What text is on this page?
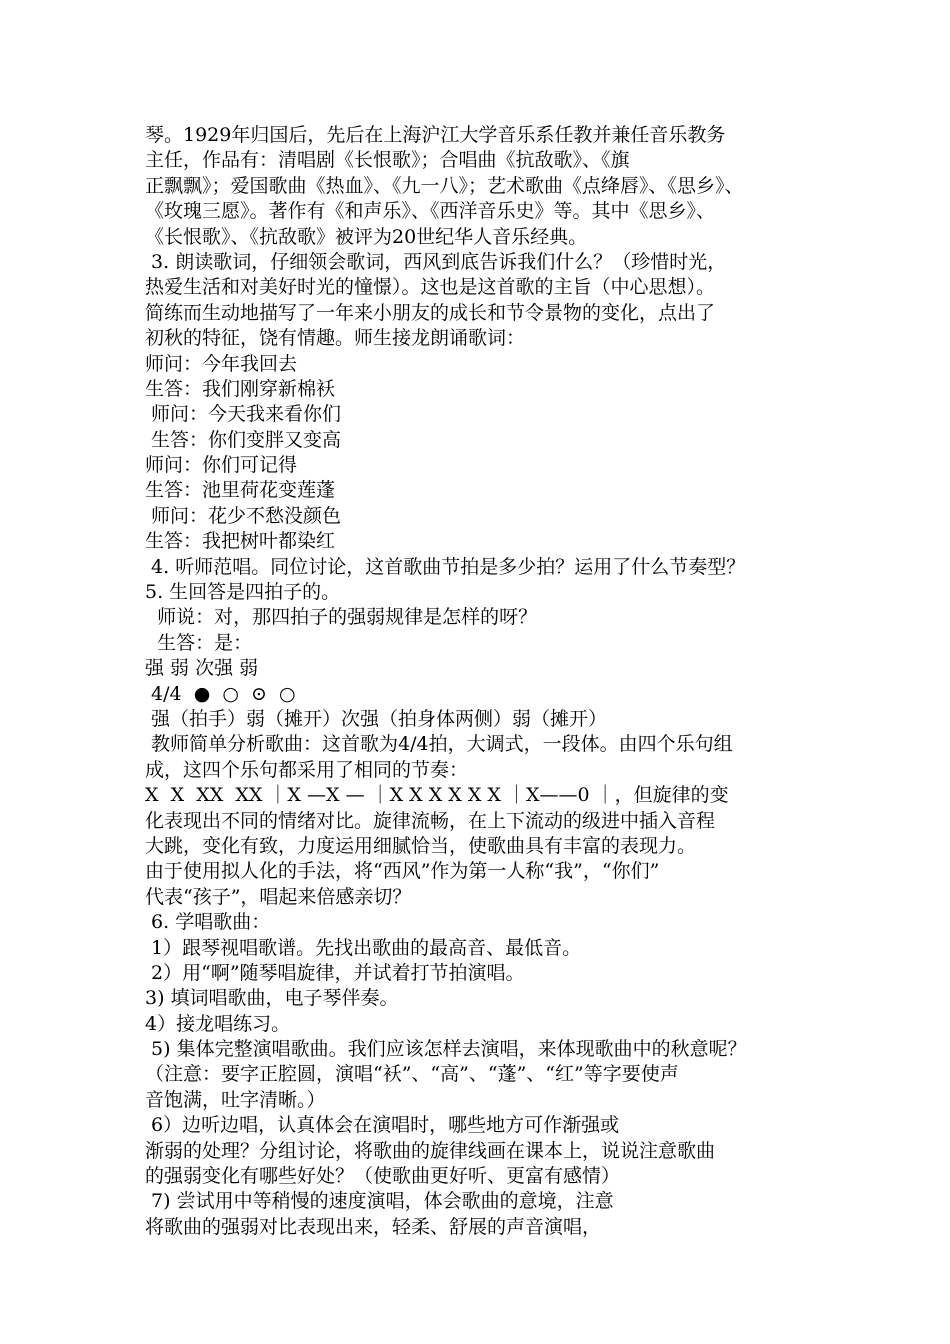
琴。1929年归国后，先后在上海沪江大学音乐系任教并兼任音乐教务
主任，作品有：清唱剧《长恨歌》；合唱曲《抗敌歌》、《旗
正飘飘》；爱国歌曲《热血》、《九一八》；艺术歌曲《点绛唇》、《思乡》、
《玫瑰三愿》。著作有《和声乐》、《西洋音乐史》等。其中《思乡》、
《长恨歌》、《抗敌歌》被评为20世纪华人音乐经典。
3. 朗读歌词，仔细领会歌词，西风到底告诉我们什么？（珍惜时光，
热爱生活和对美好时光的憧憬）。这也是这首歌的主旨（中心思想）。
简练而生动地描写了一年来小朋友的成长和节令景物的变化，点出了
初秋的特征，饶有情趣。师生接龙朗诵歌词：
师问：今年我回去
生答：我们刚穿新棉袄
师问：今天我来看你们
生答：你们变胖又变高
师问：你们可记得
生答：池里荷花变莲蓬
师问：花少不愁没颜色
生答：我把树叶都染红
4. 听师范唱。同位讨论，这首歌曲节拍是多少拍？运用了什么节奏型？
5. 生回答是四拍子的。
师说：对，那四拍子的强弱规律是怎样的呀？
生答：是：
强 弱 次强 弱
4/4  ●  ○  ⊙  ○
强（拍手）弱（摊开）次强（拍身体两侧）弱（摊开）
教师简单分析歌曲：这首歌为4/4拍，大调式，一段体。由四个乐句组
成，这四个乐句都采用了相同的节奏：
X  X  XX  XX ｜X —X — ｜X X X X X X ｜X——0 ｜，但旋律的变
化表现出不同的情绪对比。旋律流畅，在上下流动的级进中插入音程
大跳，变化有致，力度运用细腻恰当，使歌曲具有丰富的表现力。
由于使用拟人化的手法，将“西风”作为第一人称“我”，“你们”
代表“孩子”，唱起来倍感亲切？
6. 学唱歌曲：
1）跟琴视唱歌谱。先找出歌曲的最高音、最低音。
2）用“啊”随琴唱旋律，并试着打节拍演唱。
3) 填词唱歌曲，电子琴伴奏。
4）接龙唱练习。
5) 集体完整演唱歌曲。我们应该怎样去演唱，来体现歌曲中的秋意呢？
（注意：要字正腔圆，演唱“袄”、“高”、“蓬”、“红”等字要使声
音饱满，吐字清晰。）
6）边听边唱，认真体会在演唱时，哪些地方可作渐强或
渐弱的处理？分组讨论，将歌曲的旋律线画在课本上，说说注意歌曲
的强弱变化有哪些好处？（使歌曲更好听、更富有感情）
7) 尝试用中等稍慢的速度演唱，体会歌曲的意境，注意
将歌曲的强弱对比表现出来，轻柔、舒展的声音演唱，
